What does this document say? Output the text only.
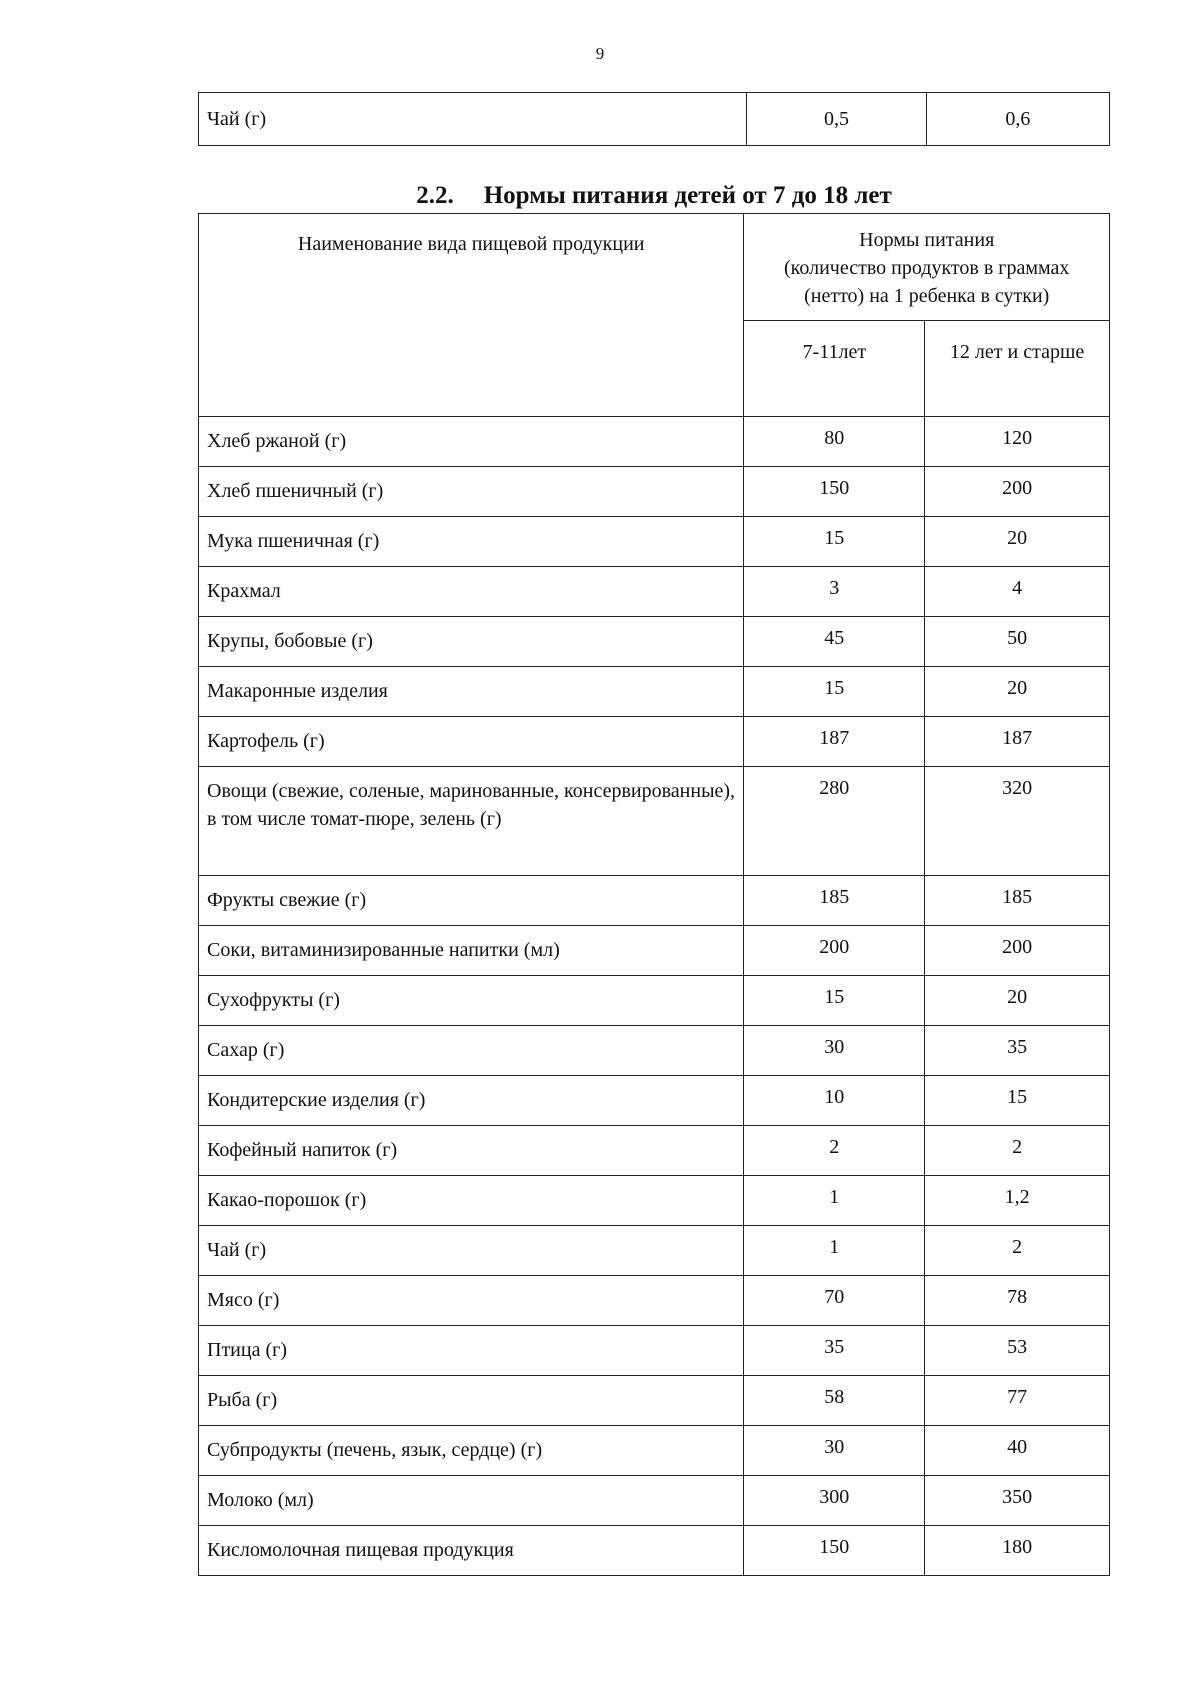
9
Чай (г)	0,5	0,6
2.2. Нормы питания детей от 7 до 18 лет
Наименование вида пищевой продукции	Нормы питания
(количество продуктов в граммах
(нетто) на 1 ребенка в сутки)	

	7-11лет	12 лет и старше
Хлеб ржаной (г)	80	120
Хлеб пшеничный (г)	150	200
Мука пшеничная (г)	15	20
Крахмал	3	4
Крупы, бобовые (г)	45	50
Макаронные изделия	15	20
Картофель (г)	187	187
Овощи (свежие, соленые, маринованные, консервированные), в том числе томат-пюре, зелень (г)	280	320
Фрукты свежие (г)	185	185
Соки, витаминизированные напитки (мл)	200	200
Сухофрукты (г)	15	20
Сахар (г)	30	35
Кондитерские изделия (г)	10	15
Кофейный напиток (г)	2	2
Какао-порошок (г)	1	1,2
Чай (г)	1	2
Мясо (г)	70	78
Птица (г)	35	53
Рыба (г)	58	77
Субпродукты (печень, язык, сердце) (г)	30	40
Молоко (мл)	300	350
Кисломолочная пищевая продукция	150	180
